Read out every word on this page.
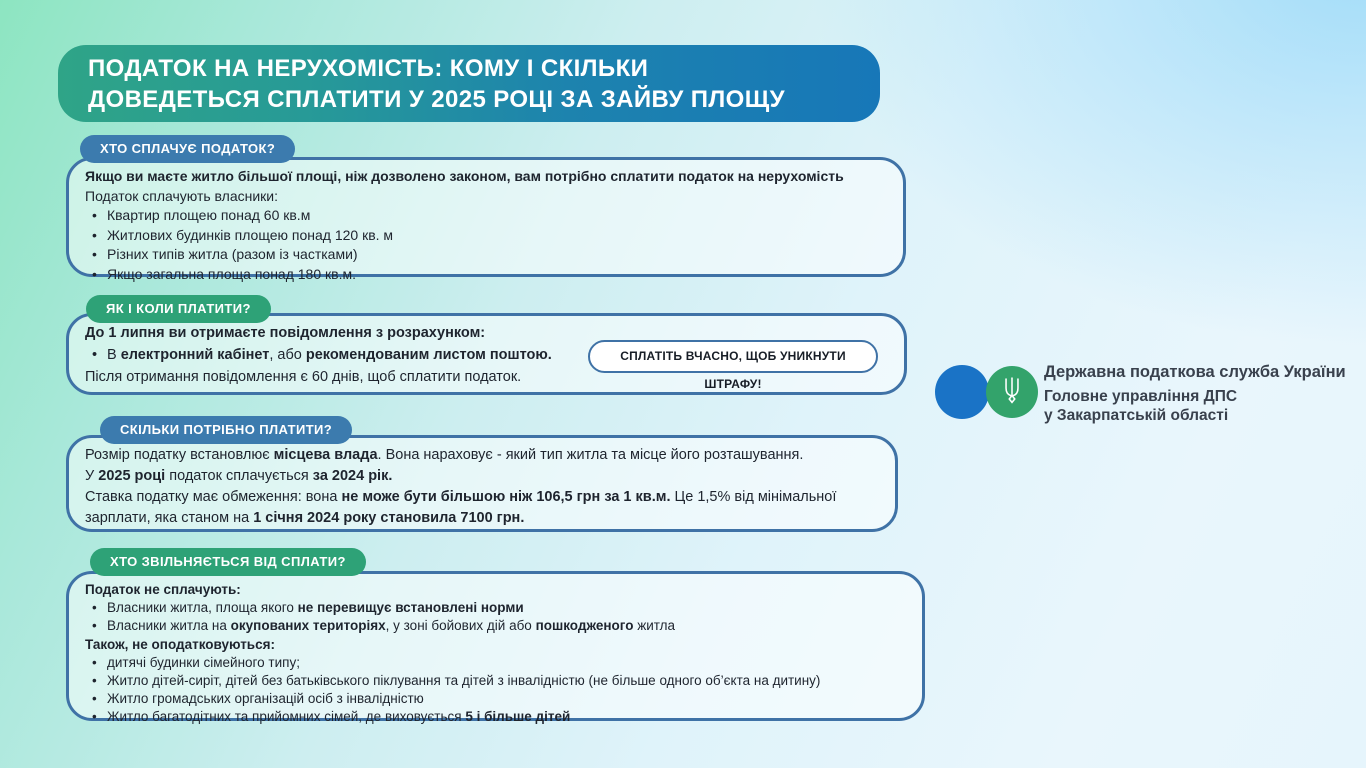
ПОДАТОК НА НЕРУХОМІСТЬ: КОМУ І СКІЛЬКИ
ДОВЕДЕТЬСЯ СПЛАТИТИ У 2025 РОЦІ ЗА ЗАЙВУ ПЛОЩУ
ХТО СПЛАЧУЄ ПОДАТОК?
Якщо ви маєте житло більшої площі, ніж дозволено законом, вам потрібно сплатити податок на нерухомість
Податок сплачують власники:
• Квартир площею понад 60 кв.м
• Житлових будинків площею понад 120 кв. м
• Різних типів житла (разом із частками)
• Якщо загальна площа понад 180 кв.м.
ЯК І КОЛИ ПЛАТИТИ?
До 1 липня ви отримаєте повідомлення з розрахунком:
• В електронний кабінет, або рекомендованим листом поштою.
Після отримання повідомлення є 60 днів, щоб сплатити податок.
СПЛАТІТЬ ВЧАСНО, ЩОБ УНИКНУТИ ШТРАФУ!
СКІЛЬКИ ПОТРІБНО ПЛАТИТИ?
Розмір податку встановлює місцева влада. Вона нараховує - який тип житла та місце його розташування.
У 2025 році податок сплачується за 2024 рік.
Ставка податку має обмеження: вона не може бути більшою ніж 106,5 грн за 1 кв.м. Це 1,5% від мінімальної зарплати, яка станом на 1 січня 2024 року становила 7100 грн.
ХТО ЗВІЛЬНЯЄТЬСЯ ВІД СПЛАТИ?
Податок не сплачують:
• Власники житла, площа якого не перевищує встановлені норми
• Власники житла на окупованих територіях, у зоні бойових дій або пошкодженого житла
Також, не оподатковуються:
• дитячі будинки сімейного типу;
• Житло дітей-сиріт, дітей без батьківського піклування та дітей з інвалідністю (не більше одного об’єкта на дитину)
• Житло громадських організацій осіб з інвалідністю
• Житло багатодітних та прийомних сімей, де виховується 5 і більше дітей
Державна податкова служба України
Головне управління ДПС
у Закарпатській області
